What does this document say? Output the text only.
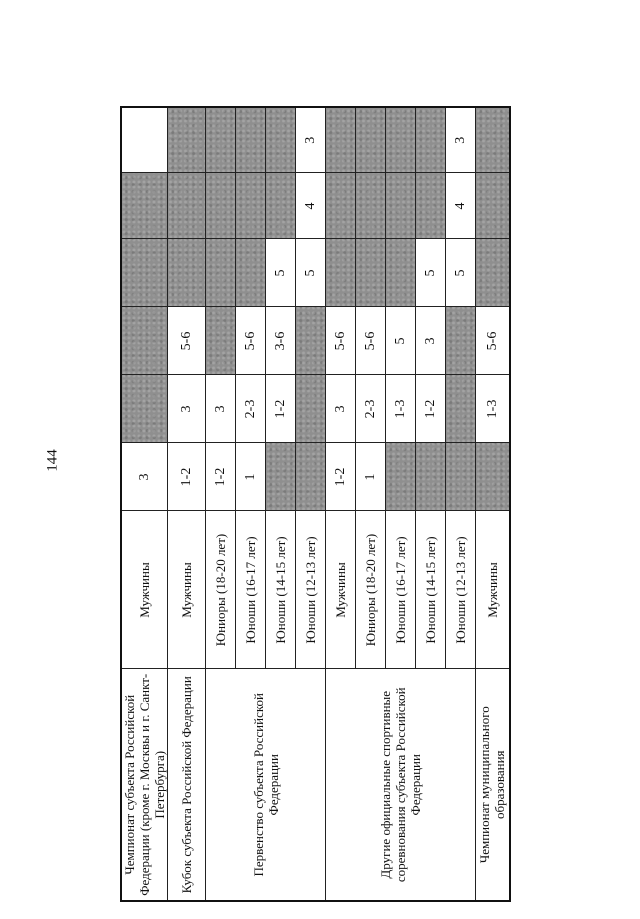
144
Чемпионат субъекта Российской Федерации (кроме г. Москвы и г. Санкт-Петербурга)	Мужчины	3					
Кубок субъекта Российской Федерации	Мужчины	1-2	3	5-6			
Первенство субъекта Российской Федерации	Юниоры (18-20 лет)	1-2	3				
	Юноши (16-17 лет)	1	2-3	5-6			
	Юноши (14-15 лет)		1-2	3-6	5		
	Юноши (12-13 лет)				5	4	3
Другие официальные спортивные соревнования субъекта Российской Федерации	Мужчины	1-2	3	5-6			
	Юниоры (18-20 лет)	1	2-3	5-6			
	Юноши (16-17 лет)		1-3	5			
	Юноши (14-15 лет)		1-2	3	5		
	Юноши (12-13 лет)				5	4	3
Чемпионат муниципального образования	Мужчины		1-3	5-6			
